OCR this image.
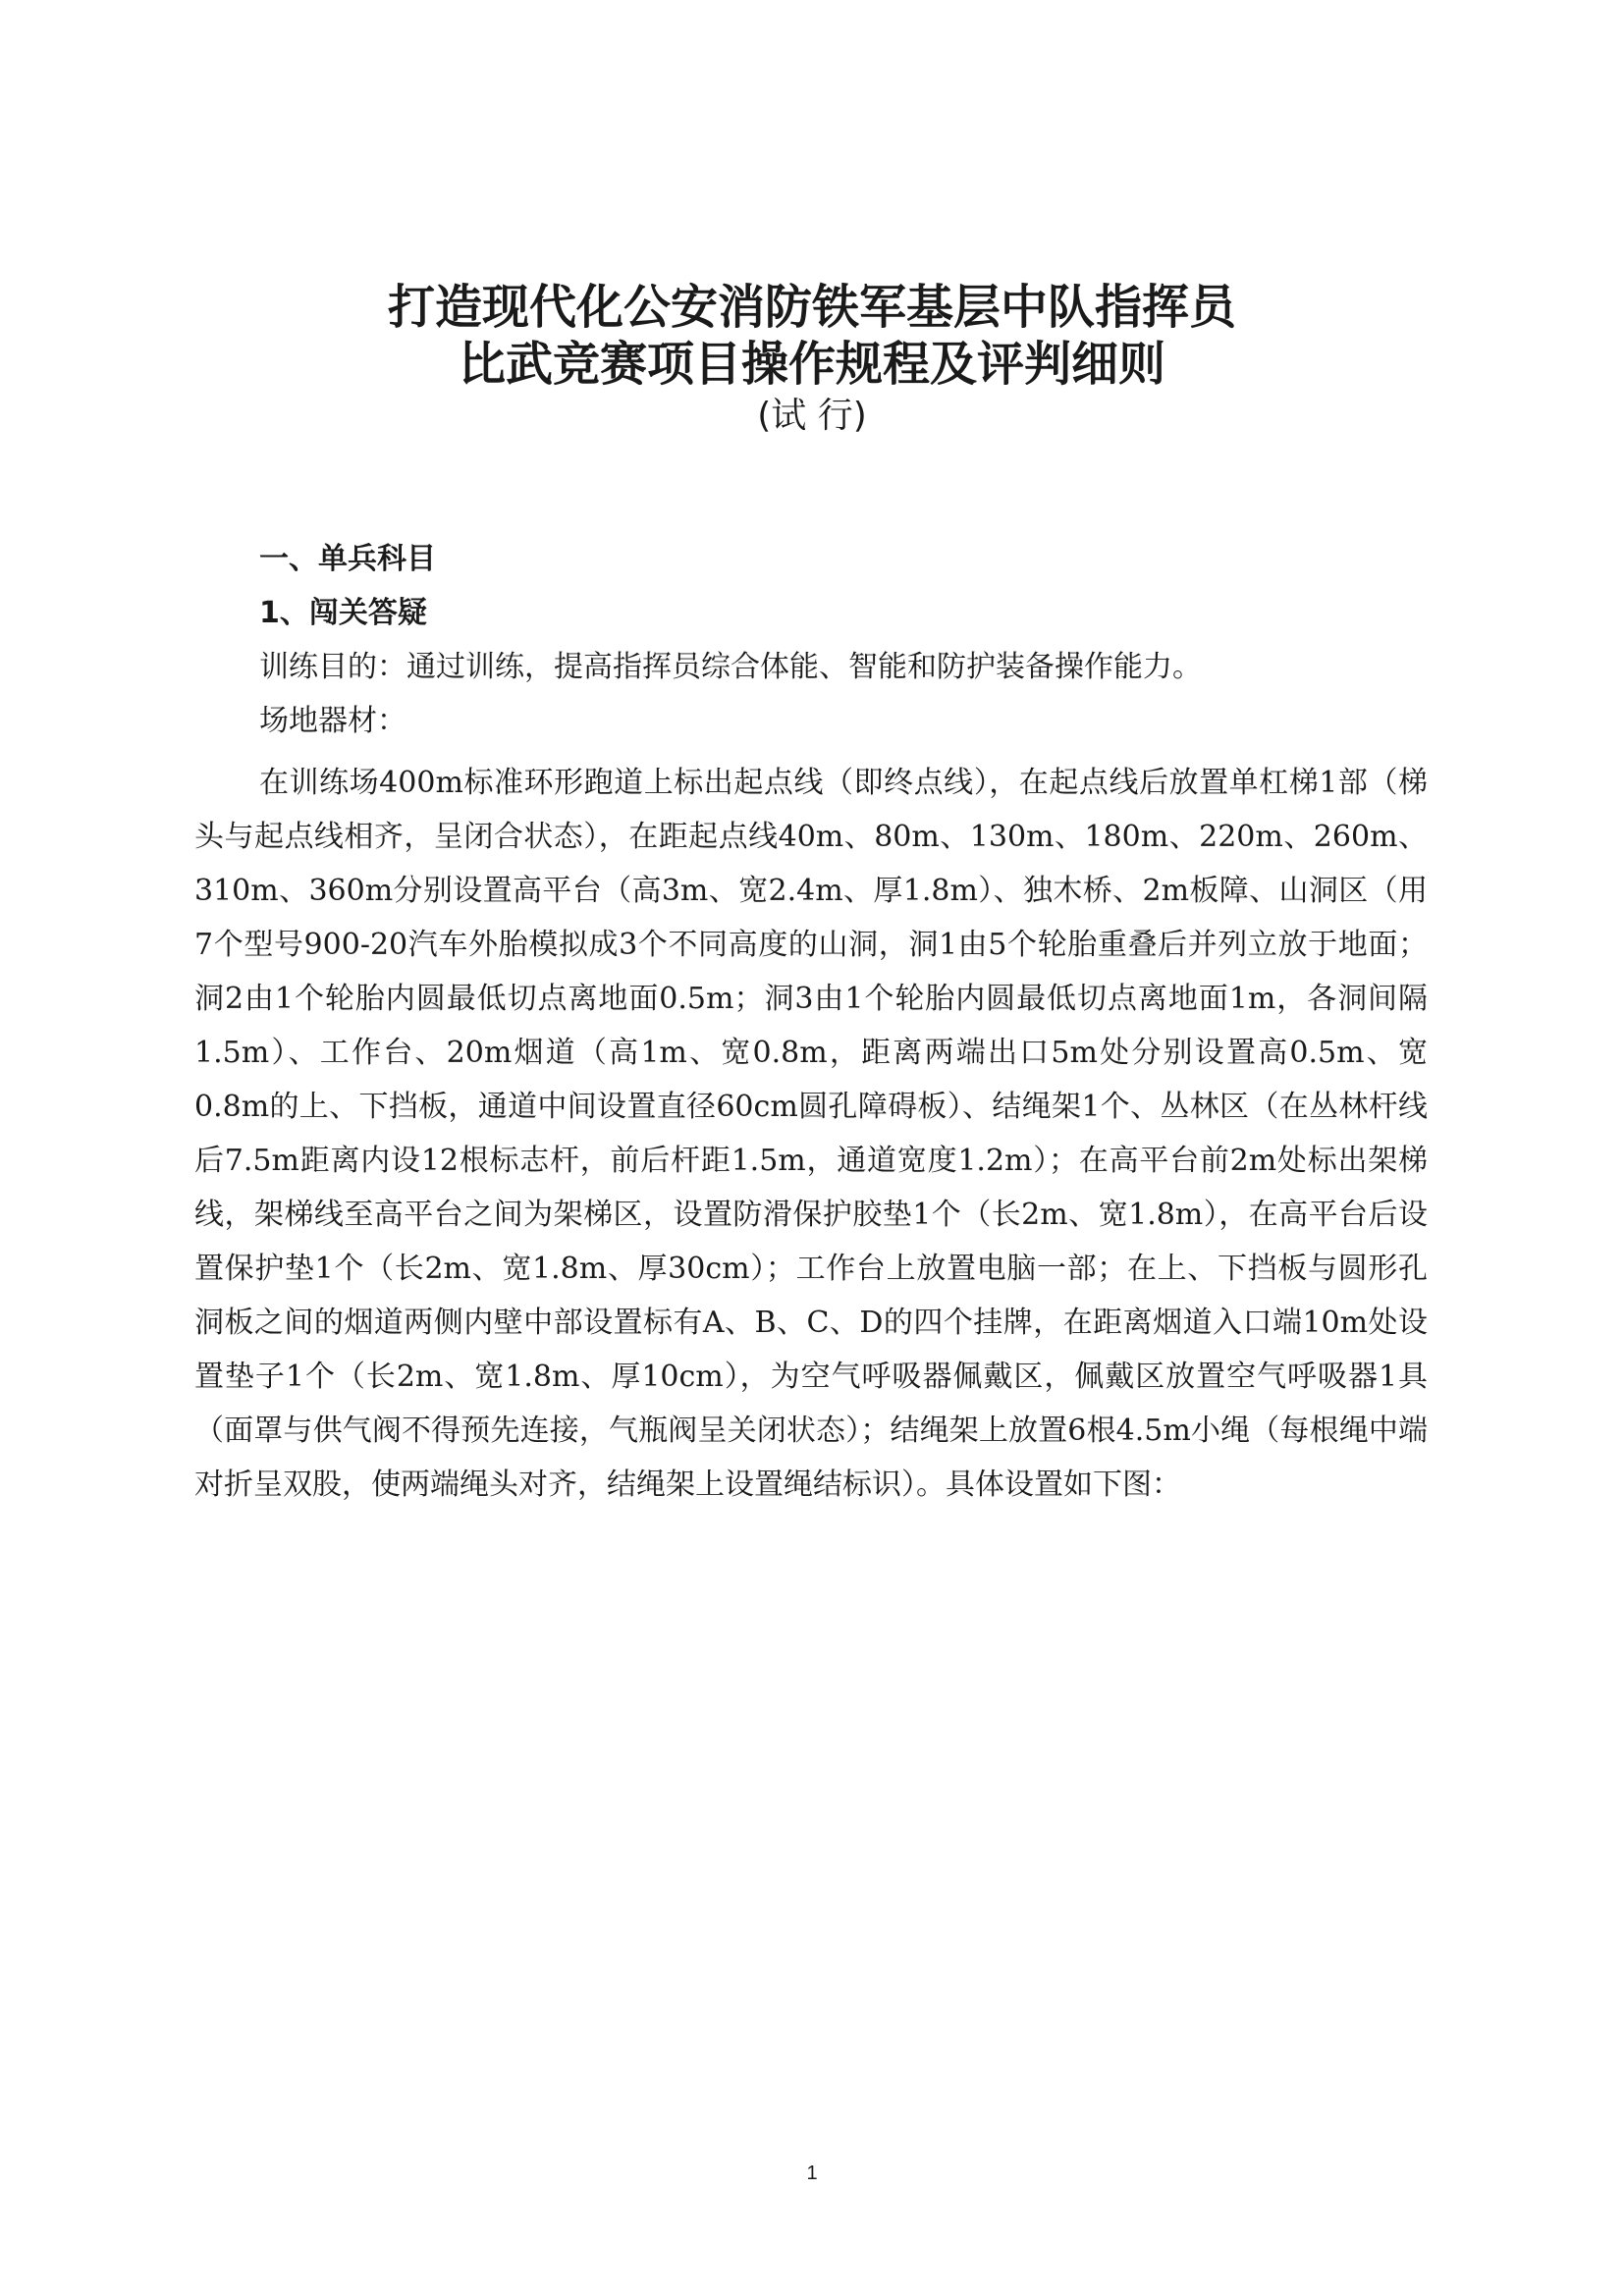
打造现代化公安消防铁军基层中队指挥员
比武竞赛项目操作规程及评判细则

(试 行)

一、单兵科目
1、闯关答疑

训练目的：通过训练，提高指挥员综合体能、智能和防护装备操作能力。

场地器材：

在训练场400m标准环形跑道上标出起点线（即终点线），在起点线后放置单杠梯1部（梯头与起点线相齐，呈闭合状态），在距起点线40m、80m、130m、180m、220m、260m、310m、360m分别设置高平台（高3m、宽2.4m、厚1.8m）、独木桥、2m板障、山洞区（用7个型号900-20汽车外胎模拟成3个不同高度的山洞，洞1由5个轮胎重叠后并列立放于地面；洞2由1个轮胎内圆最低切点离地面0.5m；洞3由1个轮胎内圆最低切点离地面1m，各洞间隔1.5m）、工作台、20m烟道（高1m、宽0.8m，距离两端出口5m处分别设置高0.5m、宽0.8m的上、下挡板，通道中间设置直径60cm圆孔障碍板）、结绳架1个、丛林区（在丛林杆线后7.5m距离内设12根标志杆，前后杆距1.5m，通道宽度1.2m）；在高平台前2m处标出架梯线，架梯线至高平台之间为架梯区，设置防滑保护胶垫1个（长2m、宽1.8m），在高平台后设置保护垫1个（长2m、宽1.8m、厚30cm）；工作台上放置电脑一部；在上、下挡板与圆形孔洞板之间的烟道两侧内壁中部设置标有A、B、C、D的四个挂牌，在距离烟道入口端10m处设置垫子1个（长2m、宽1.8m、厚10cm），为空气呼吸器佩戴区，佩戴区放置空气呼吸器1具（面罩与供气阀不得预先连接，气瓶阀呈关闭状态）；结绳架上放置6根4.5m小绳（每根绳中端对折呈双股，使两端绳头对齐，结绳架上设置绳结标识）。具体设置如下图：

1
